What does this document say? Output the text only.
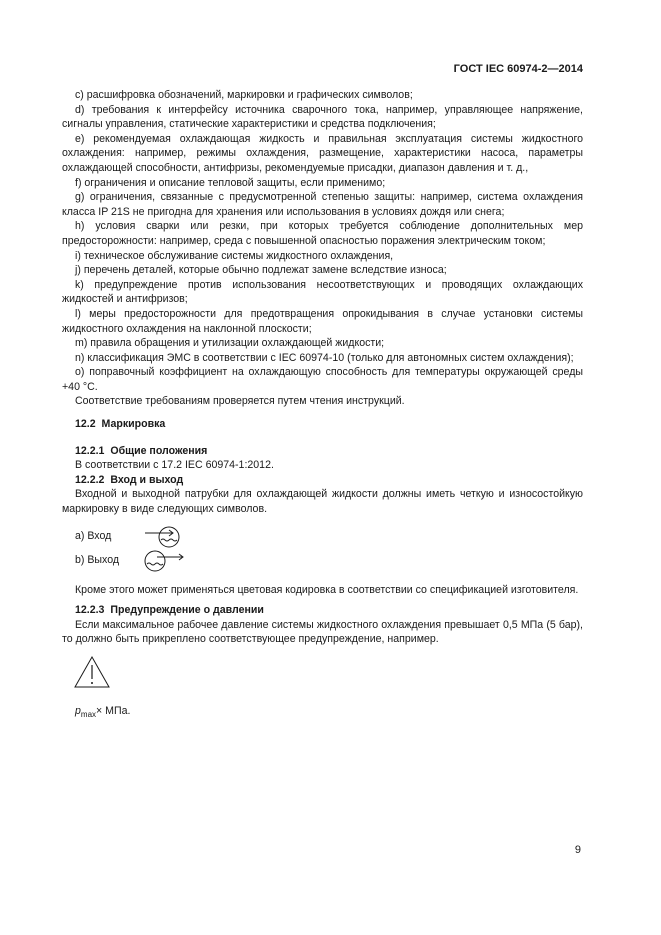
ГОСТ IEC 60974-2—2014

c) расшифровка обозначений, маркировки и графических символов;

d) требования к интерфейсу источника сварочного тока, например, управляющее напряжение, сигналы управления, статические характеристики и средства подключения;

e) рекомендуемая охлаждающая жидкость и правильная эксплуатация системы жидкостного охлаждения: например, режимы охлаждения, размещение, характеристики насоса, параметры охлаждающей способности, антифризы, рекомендуемые присадки, диапазон давления и т. д.,

f) ограничения и описание тепловой защиты, если применимо;

g) ограничения, связанные с предусмотренной степенью защиты: например, система охлаждения класса IP 21S не пригодна для хранения или использования в условиях дождя или снега;

h) условия сварки или резки, при которых требуется соблюдение дополнительных мер предосторожности: например, среда с повышенной опасностью поражения электрическим током;

i) техническое обслуживание системы жидкостного охлаждения,

j) перечень деталей, которые обычно подлежат замене вследствие износа;

k) предупреждение против использования несоответствующих и проводящих охлаждающих жидкостей и антифризов;

l) меры предосторожности для предотвращения опрокидывания в случае установки системы жидкостного охлаждения на наклонной плоскости;

m) правила обращения и утилизации охлаждающей жидкости;

n) классификация ЭМС в соответствии с IEC 60974-10 (только для автономных систем охлаждения);

o) поправочный коэффициент на охлаждающую способность для температуры окружающей среды +40 °C.

Соответствие требованиям проверяется путем чтения инструкций.

12.2 Маркировка

12.2.1 Общие положения

В соответствии с 17.2 IEC 60974-1:2012.

12.2.2 Вход и выход

Входной и выходной патрубки для охлаждающей жидкости должны иметь четкую и износостойкую маркировку в виде следующих символов.

a) Вход
b) Выход

Кроме этого может применяться цветовая кодировка в соответствии со спецификацией изготовителя.

12.2.3 Предупреждение о давлении

Если максимальное рабочее давление системы жидкостного охлаждения превышает 0,5 МПа (5 бар), то должно быть прикреплено соответствующее предупреждение, например.

$p_{max}\times$ МПа.
9
